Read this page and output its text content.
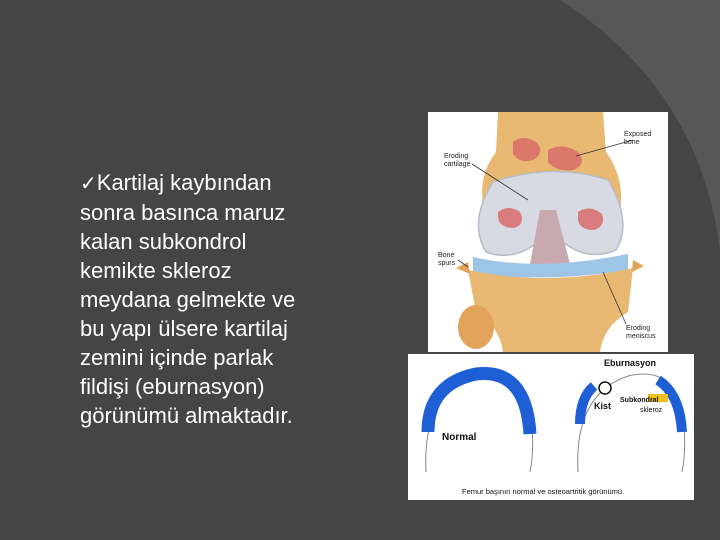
✓Kartilaj kaybından
sonra basınca maruz
kalan subkondrol
kemikte skleroz
meydana gelmekte ve
bu yapı ülsere kartilaj
zemini içinde parlak
fildişi (eburnasyon)
görünümü almaktadır.
Exposed
bone
Eroding
cartilage
Bone
spurs
Eroding
meniscus
Normal
Eburnasyon
Kist
Subkondral
skleroz
Femur başının normal ve osteoartritik görünümü.
